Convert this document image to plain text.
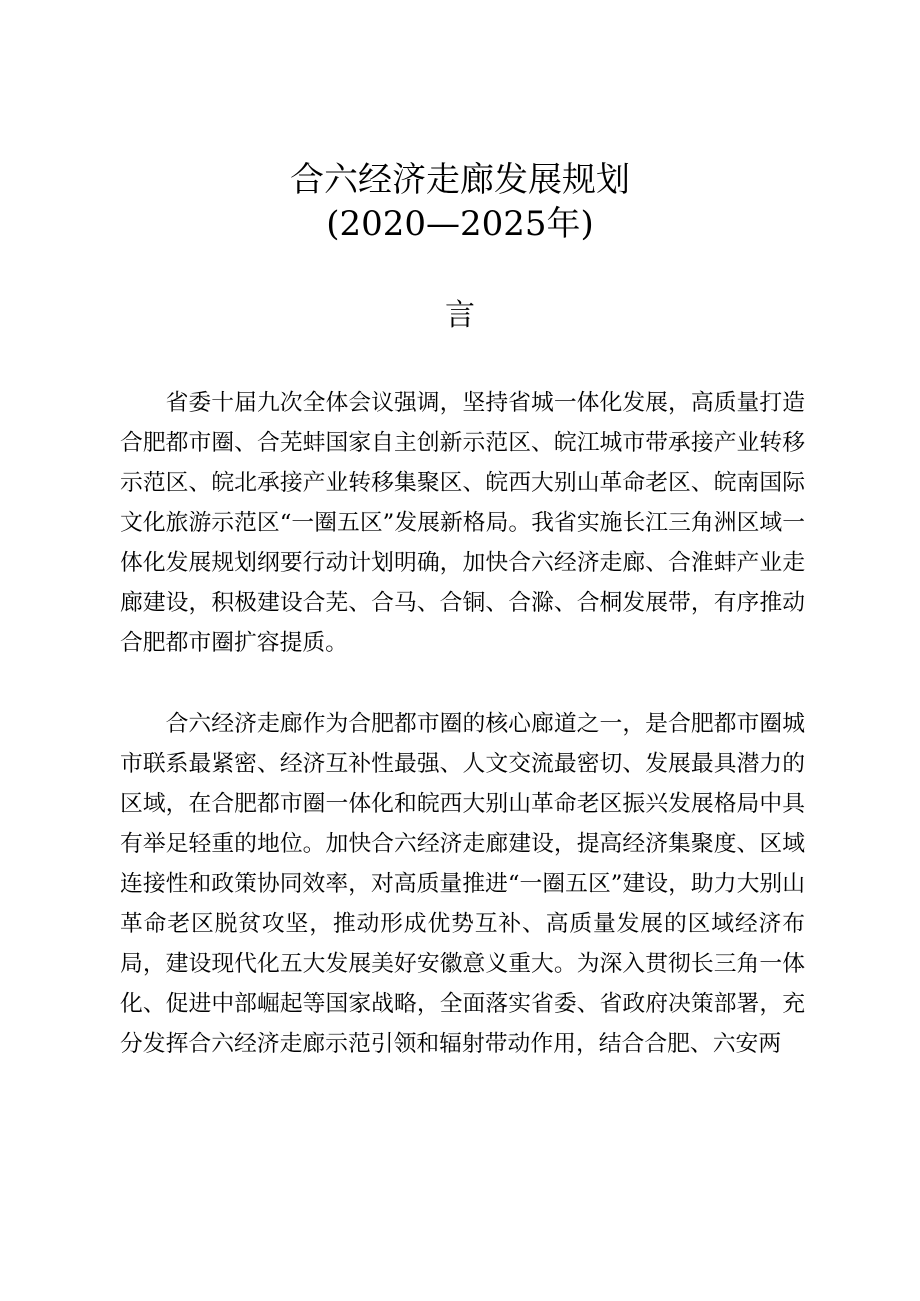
合六经济走廊发展规划
(2020—2025年)
言

省委十届九次全体会议强调，坚持省城一体化发展，高质量打造合肥都市圈、合芜蚌国家自主创新示范区、皖江城市带承接产业转移示范区、皖北承接产业转移集聚区、皖西大别山革命老区、皖南国际文化旅游示范区“一圈五区”发展新格局。我省实施长江三角洲区域一体化发展规划纲要行动计划明确，加快合六经济走廊、合淮蚌产业走廊建设，积极建设合芜、合马、合铜、合滁、合桐发展带，有序推动合肥都市圈扩容提质。

合六经济走廊作为合肥都市圈的核心廊道之一，是合肥都市圈城市联系最紧密、经济互补性最强、人文交流最密切、发展最具潜力的区域，在合肥都市圈一体化和皖西大别山革命老区振兴发展格局中具有举足轻重的地位。加快合六经济走廊建设，提高经济集聚度、区域连接性和政策协同效率，对高质量推进“一圈五区”建设，助力大别山革命老区脱贫攻坚，推动形成优势互补、高质量发展的区域经济布局，建设现代化五大发展美好安徽意义重大。为深入贯彻长三角一体化、促进中部崛起等国家战略，全面落实省委、省政府决策部署，充分发挥合六经济走廊示范引领和辐射带动作用，结合合肥、六安两
